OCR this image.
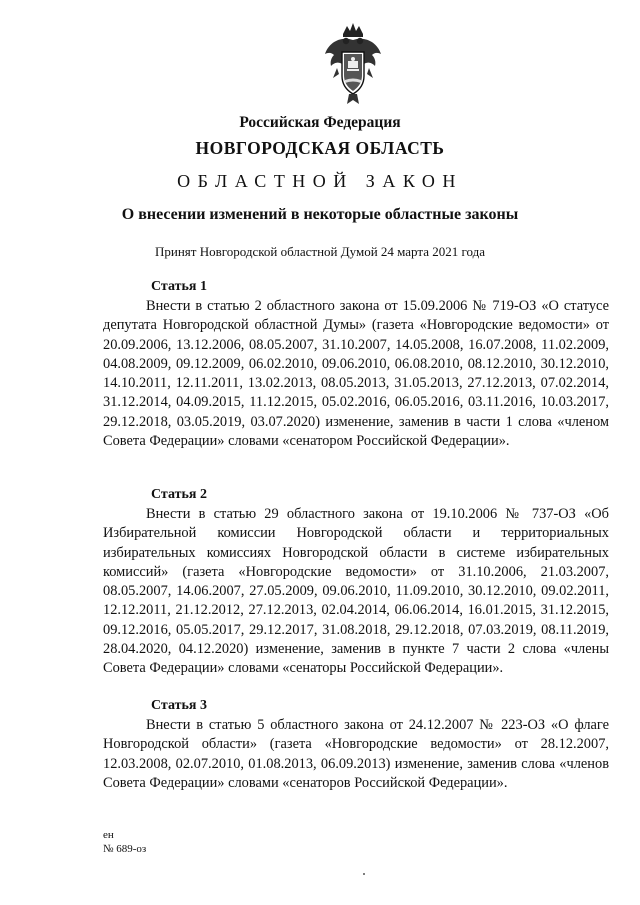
Российская Федерация
НОВГОРОДСКАЯ ОБЛАСТЬ
ОБЛАСТНОЙ ЗАКОН
О внесении изменений в некоторые областные законы
Принят Новгородской областной Думой 24 марта 2021 года
Статья 1

Внести в статью 2 областного закона от 15.09.2006 № 719-ОЗ «О статусе депутата Новгородской областной Думы» (газета «Новгородские ведомости» от 20.09.2006, 13.12.2006, 08.05.2007, 31.10.2007, 14.05.2008, 16.07.2008, 11.02.2009, 04.08.2009, 09.12.2009, 06.02.2010, 09.06.2010, 06.08.2010, 08.12.2010, 30.12.2010, 14.10.2011, 12.11.2011, 13.02.2013, 08.05.2013, 31.05.2013, 27.12.2013, 07.02.2014, 31.12.2014, 04.09.2015, 11.12.2015, 05.02.2016, 06.05.2016, 03.11.2016, 10.03.2017, 29.12.2018, 03.05.2019, 03.07.2020) изменение, заменив в части 1 слова «членом Совета Федерации» словами «сенатором Российской Федерации».

Статья 2

Внести в статью 29 областного закона от 19.10.2006 № 737-ОЗ «Об Избирательной комиссии Новгородской области и территориальных избирательных комиссиях Новгородской области в системе избирательных комиссий» (газета «Новгородские ведомости» от 31.10.2006, 21.03.2007, 08.05.2007, 14.06.2007, 27.05.2009, 09.06.2010, 11.09.2010, 30.12.2010, 09.02.2011, 12.12.2011, 21.12.2012, 27.12.2013, 02.04.2014, 06.06.2014, 16.01.2015, 31.12.2015, 09.12.2016, 05.05.2017, 29.12.2017, 31.08.2018, 29.12.2018, 07.03.2019, 08.11.2019, 28.04.2020, 04.12.2020) изменение, заменив в пункте 7 части 2 слова «члены Совета Федерации» словами «сенаторы Российской Федерации».

Статья 3

Внести в статью 5 областного закона от 24.12.2007 № 223-ОЗ «О флаге Новгородской области» (газета «Новгородские ведомости» от 28.12.2007, 12.03.2008, 02.07.2010, 01.08.2013, 06.09.2013) изменение, заменив слова «членов Совета Федерации» словами «сенаторов Российской Федерации».

ен
№ 689-оз
